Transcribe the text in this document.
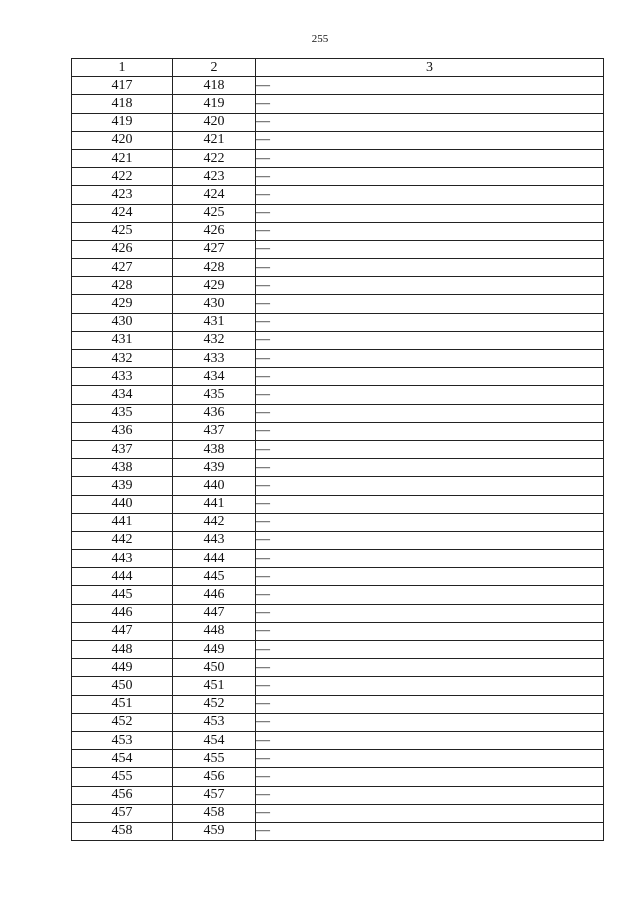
255
1	2	3
417	418	—
418	419	—
419	420	—
420	421	—
421	422	—
422	423	—
423	424	—
424	425	—
425	426	—
426	427	—
427	428	—
428	429	—
429	430	—
430	431	—
431	432	—
432	433	—
433	434	—
434	435	—
435	436	—
436	437	—
437	438	—
438	439	—
439	440	—
440	441	—
441	442	—
442	443	—
443	444	—
444	445	—
445	446	—
446	447	—
447	448	—
448	449	—
449	450	—
450	451	—
451	452	—
452	453	—
453	454	—
454	455	—
455	456	—
456	457	—
457	458	—
458	459	—
